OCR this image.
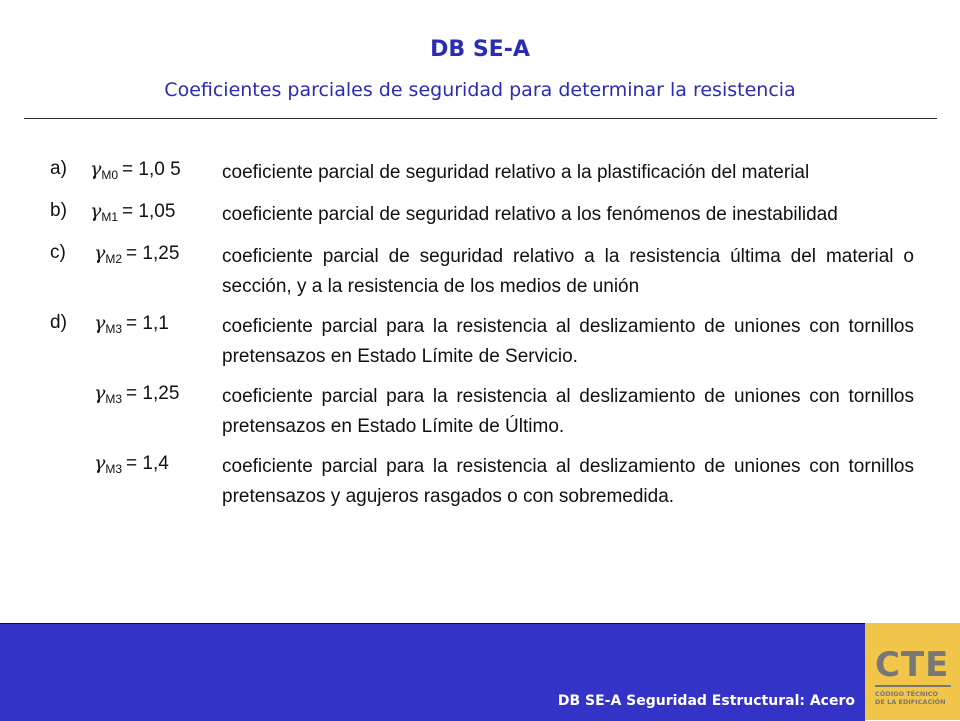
DB SE-A
Coeficientes parciales de seguridad para determinar la resistencia
a) $\gamma_{M0} = 1,0$ 5 coeficiente parcial de seguridad relativo a la plastificación del material
b) $\gamma_{M1} = 1,05$ coeficiente parcial de seguridad relativo a los fenómenos de inestabilidad
c) $\gamma_{M2} = 1,25$ coeficiente parcial de seguridad relativo a la resistencia última del material o
sección, y a la resistencia de los medios de unión
d) $\gamma_{M3} = 1,1$	coeficiente parcial para la resistencia al deslizamiento de uniones con tornillos
pretensazos en Estado Límite de Servicio.
$\gamma_{M3} = 1,25$ coeficiente parcial para la resistencia al deslizamiento de uniones con tornillos
pretensazos en Estado Límite de Último.
$\gamma_{M3} = 1,4$	coeficiente parcial para la resistencia al deslizamiento de uniones con tornillos
pretensazos y agujeros rasgados o con sobremedida.
DB SE-A Seguridad Estructural: Acero
CTE
CÓDIGO TÉCNICO
DE LA EDIFICACIÓN
